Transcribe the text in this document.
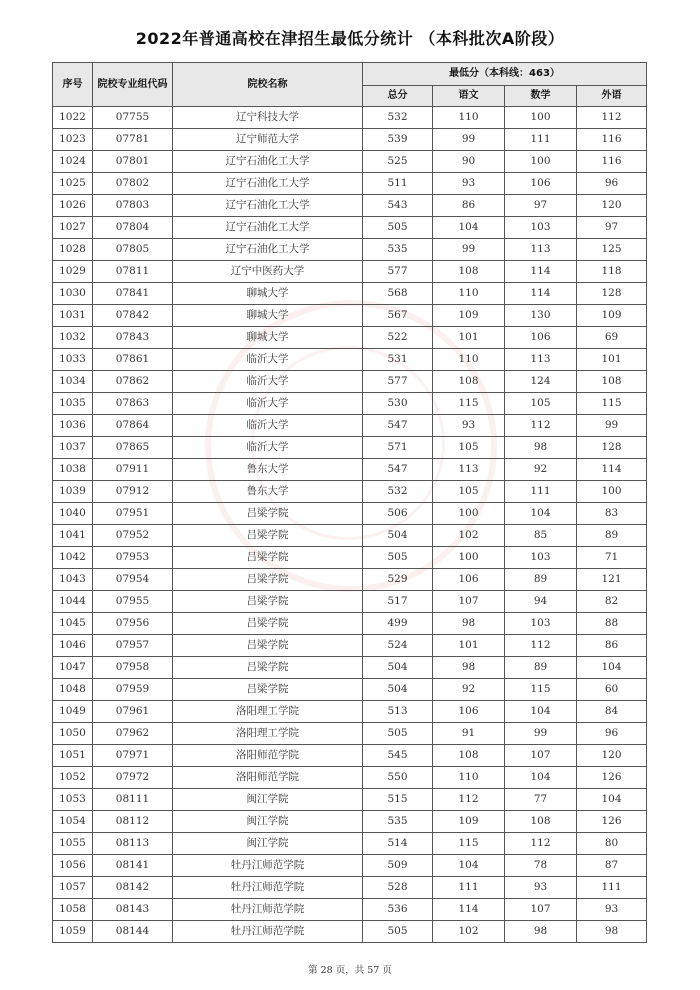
2022年普通高校在津招生最低分统计 （本科批次A阶段）
序号	院校专业组代码	院校名称	最低分（本科线：463）			
			总分	语文	数学	外语
1022	07755	辽宁科技大学	532	110	100	112
1023	07781	辽宁师范大学	539	99	111	116
1024	07801	辽宁石油化工大学	525	90	100	116
1025	07802	辽宁石油化工大学	511	93	106	96
1026	07803	辽宁石油化工大学	543	86	97	120
1027	07804	辽宁石油化工大学	505	104	103	97
1028	07805	辽宁石油化工大学	535	99	113	125
1029	07811	辽宁中医药大学	577	108	114	118
1030	07841	聊城大学	568	110	114	128
1031	07842	聊城大学	567	109	130	109
1032	07843	聊城大学	522	101	106	69
1033	07861	临沂大学	531	110	113	101
1034	07862	临沂大学	577	108	124	108
1035	07863	临沂大学	530	115	105	115
1036	07864	临沂大学	547	93	112	99
1037	07865	临沂大学	571	105	98	128
1038	07911	鲁东大学	547	113	92	114
1039	07912	鲁东大学	532	105	111	100
1040	07951	吕梁学院	506	100	104	83
1041	07952	吕梁学院	504	102	85	89
1042	07953	吕梁学院	505	100	103	71
1043	07954	吕梁学院	529	106	89	121
1044	07955	吕梁学院	517	107	94	82
1045	07956	吕梁学院	499	98	103	88
1046	07957	吕梁学院	524	101	112	86
1047	07958	吕梁学院	504	98	89	104
1048	07959	吕梁学院	504	92	115	60
1049	07961	洛阳理工学院	513	106	104	84
1050	07962	洛阳理工学院	505	91	99	96
1051	07971	洛阳师范学院	545	108	107	120
1052	07972	洛阳师范学院	550	110	104	126
1053	08111	闽江学院	515	112	77	104
1054	08112	闽江学院	535	109	108	126
1055	08113	闽江学院	514	115	112	80
1056	08141	牡丹江师范学院	509	104	78	87
1057	08142	牡丹江师范学院	528	111	93	111
1058	08143	牡丹江师范学院	536	114	107	93
1059	08144	牡丹江师范学院	505	102	98	98
第 28 页，共 57 页
